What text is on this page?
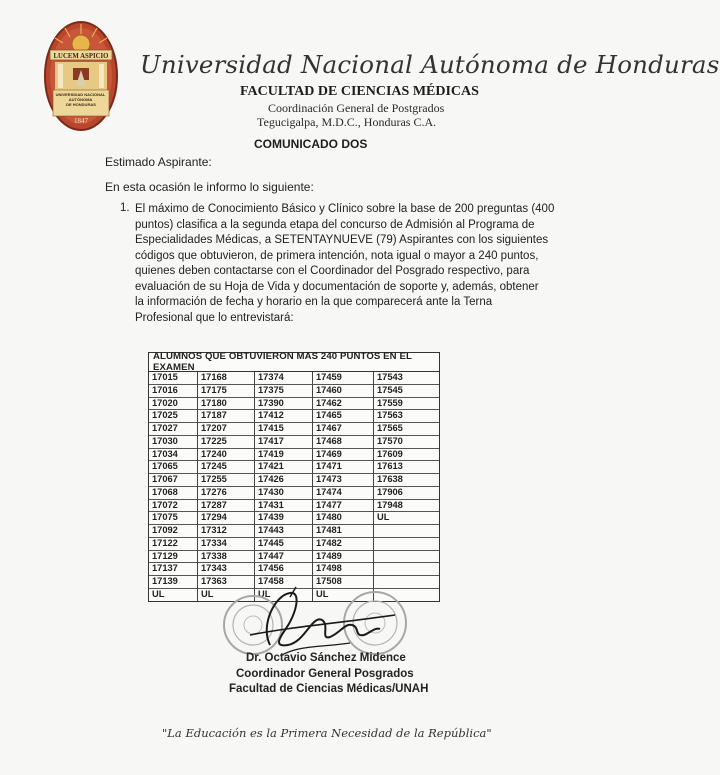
LUCEM ASPICIO
UNIVERSIDAD NACIONAL AUTÓNOMA DE HONDURAS
1847
Universidad Nacional Autónoma de Honduras
FACULTAD DE CIENCIAS MÉDICAS
Coordinación General de Postgrados
Tegucigalpa, M.D.C., Honduras C.A.
COMUNICADO DOS
Estimado Aspirante:
En esta ocasión le informo lo siguiente:
1. El máximo de Conocimiento Básico y Clínico sobre la base de 200 preguntas (400
puntos) clasifica a la segunda etapa del concurso de Admisión al Programa de
Especialidades Médicas, a SETENTAYNUEVE (79) Aspirantes con los siguientes
códigos que obtuvieron, de primera intención, nota igual o mayor a 240 puntos,
quienes deben contactarse con el Coordinador del Posgrado respectivo, para
evaluación de su Hoja de Vida y documentación de soporte y, además, obtener
la información de fecha y horario en la que comparecerá ante la Terna
Profesional que lo entrevistará:
ALUMNOS QUE OBTUVIERON MAS 240 PUNTOS EN EL EXAMEN
17015
17016
17020
17025
17027
17030
17034
17065
17067
17068
17072
17075
17092
17122
17129
17137
17139
UL
17168
17175
17180
17187
17207
17225
17240
17245
17255
17276
17287
17294
17312
17334
17338
17343
17363
UL
17374
17375
17390
17412
17415
17417
17419
17421
17426
17430
17431
17439
17443
17445
17447
17456
17458
UL
17459
17460
17462
17465
17467
17468
17469
17471
17473
17474
17477
17480
17481
17482
17489
17498
17508
UL
17543
17545
17559
17563
17565
17570
17609
17613
17638
17906
17948
UL
Dr. Octavio Sánchez Midence
Coordinador General Posgrados
Facultad de Ciencias Médicas/UNAH
"La Educación es la Primera Necesidad de la República"
